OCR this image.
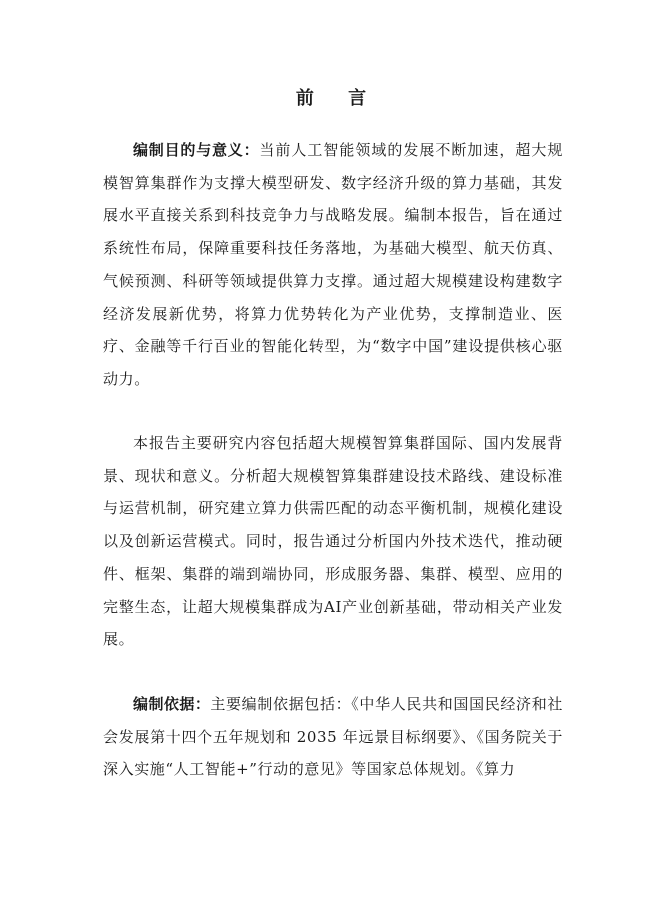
前 言

编制目的与意义：当前人工智能领域的发展不断加速，超大规模智算集群作为支撑大模型研发、数字经济升级的算力基础，其发展水平直接关系到科技竞争力与战略发展。编制本报告，旨在通过系统性布局，保障重要科技任务落地，为基础大模型、航天仿真、气候预测、科研等领域提供算力支撑。通过超大规模建设构建数字经济发展新优势，将算力优势转化为产业优势，支撑制造业、医疗、金融等千行百业的智能化转型，为“数字中国”建设提供核心驱动力。

本报告主要研究内容包括超大规模智算集群国际、国内发展背景、现状和意义。分析超大规模智算集群建设技术路线、建设标准与运营机制，研究建立算力供需匹配的动态平衡机制，规模化建设以及创新运营模式。同时，报告通过分析国内外技术迭代，推动硬件、框架、集群的端到端协同，形成服务器、集群、模型、应用的完整生态，让超大规模集群成为AI产业创新基础，带动相关产业发展。

编制依据：主要编制依据包括：《中华人民共和国国民经济和社会发展第十四个五年规划和 2035 年远景目标纲要》、《国务院关于深入实施“人工智能+”行动的意见》等国家总体规划。《算力
